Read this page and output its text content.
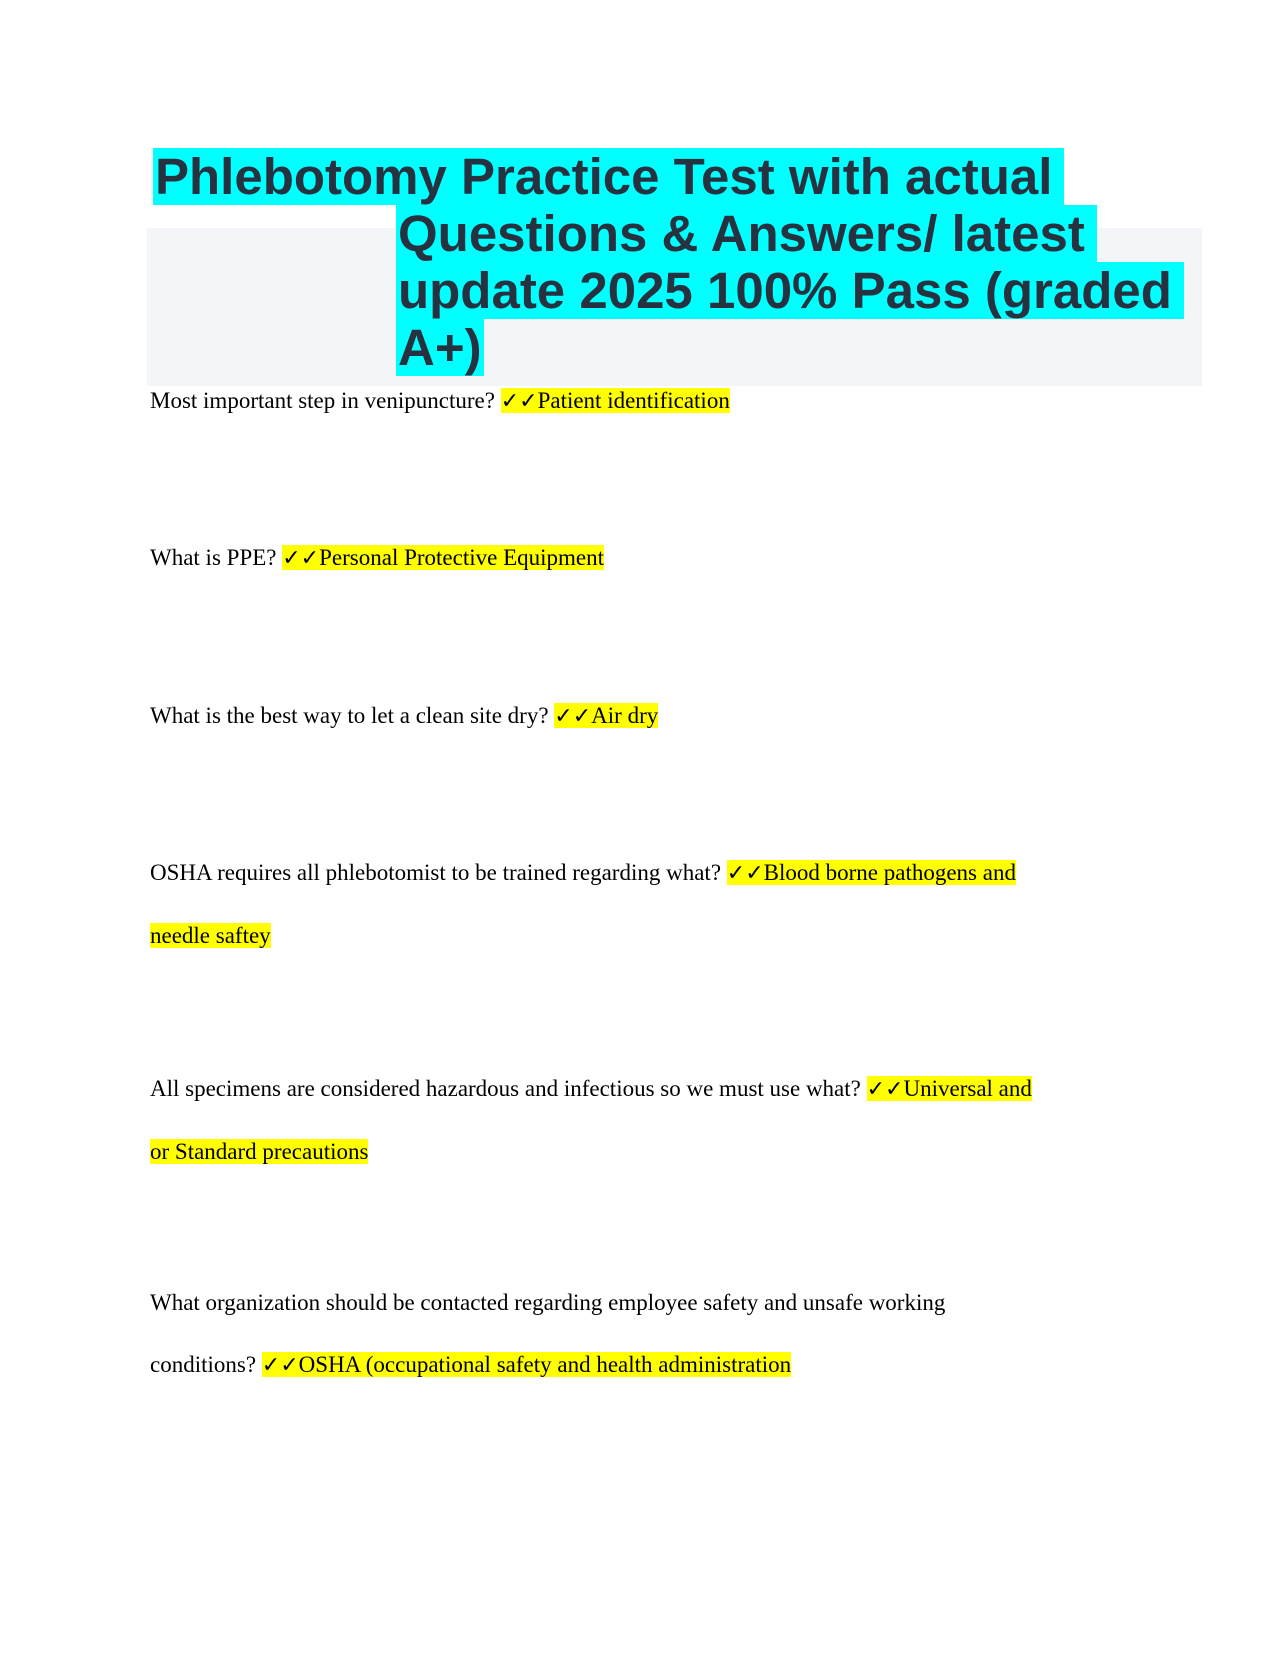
Phlebotomy Practice Test with actual
Questions & Answers/ latest
update 2025 100% Pass (graded
A+)
Most important step in venipuncture? ✓✓Patient identification
What is PPE? ✓✓Personal Protective Equipment
What is the best way to let a clean site dry? ✓✓Air dry
OSHA requires all phlebotomist to be trained regarding what? ✓✓Blood borne pathogens and
needle saftey
All specimens are considered hazardous and infectious so we must use what? ✓✓Universal and
or Standard precautions
What organization should be contacted regarding employee safety and unsafe working
conditions? ✓✓OSHA (occupational safety and health administration
